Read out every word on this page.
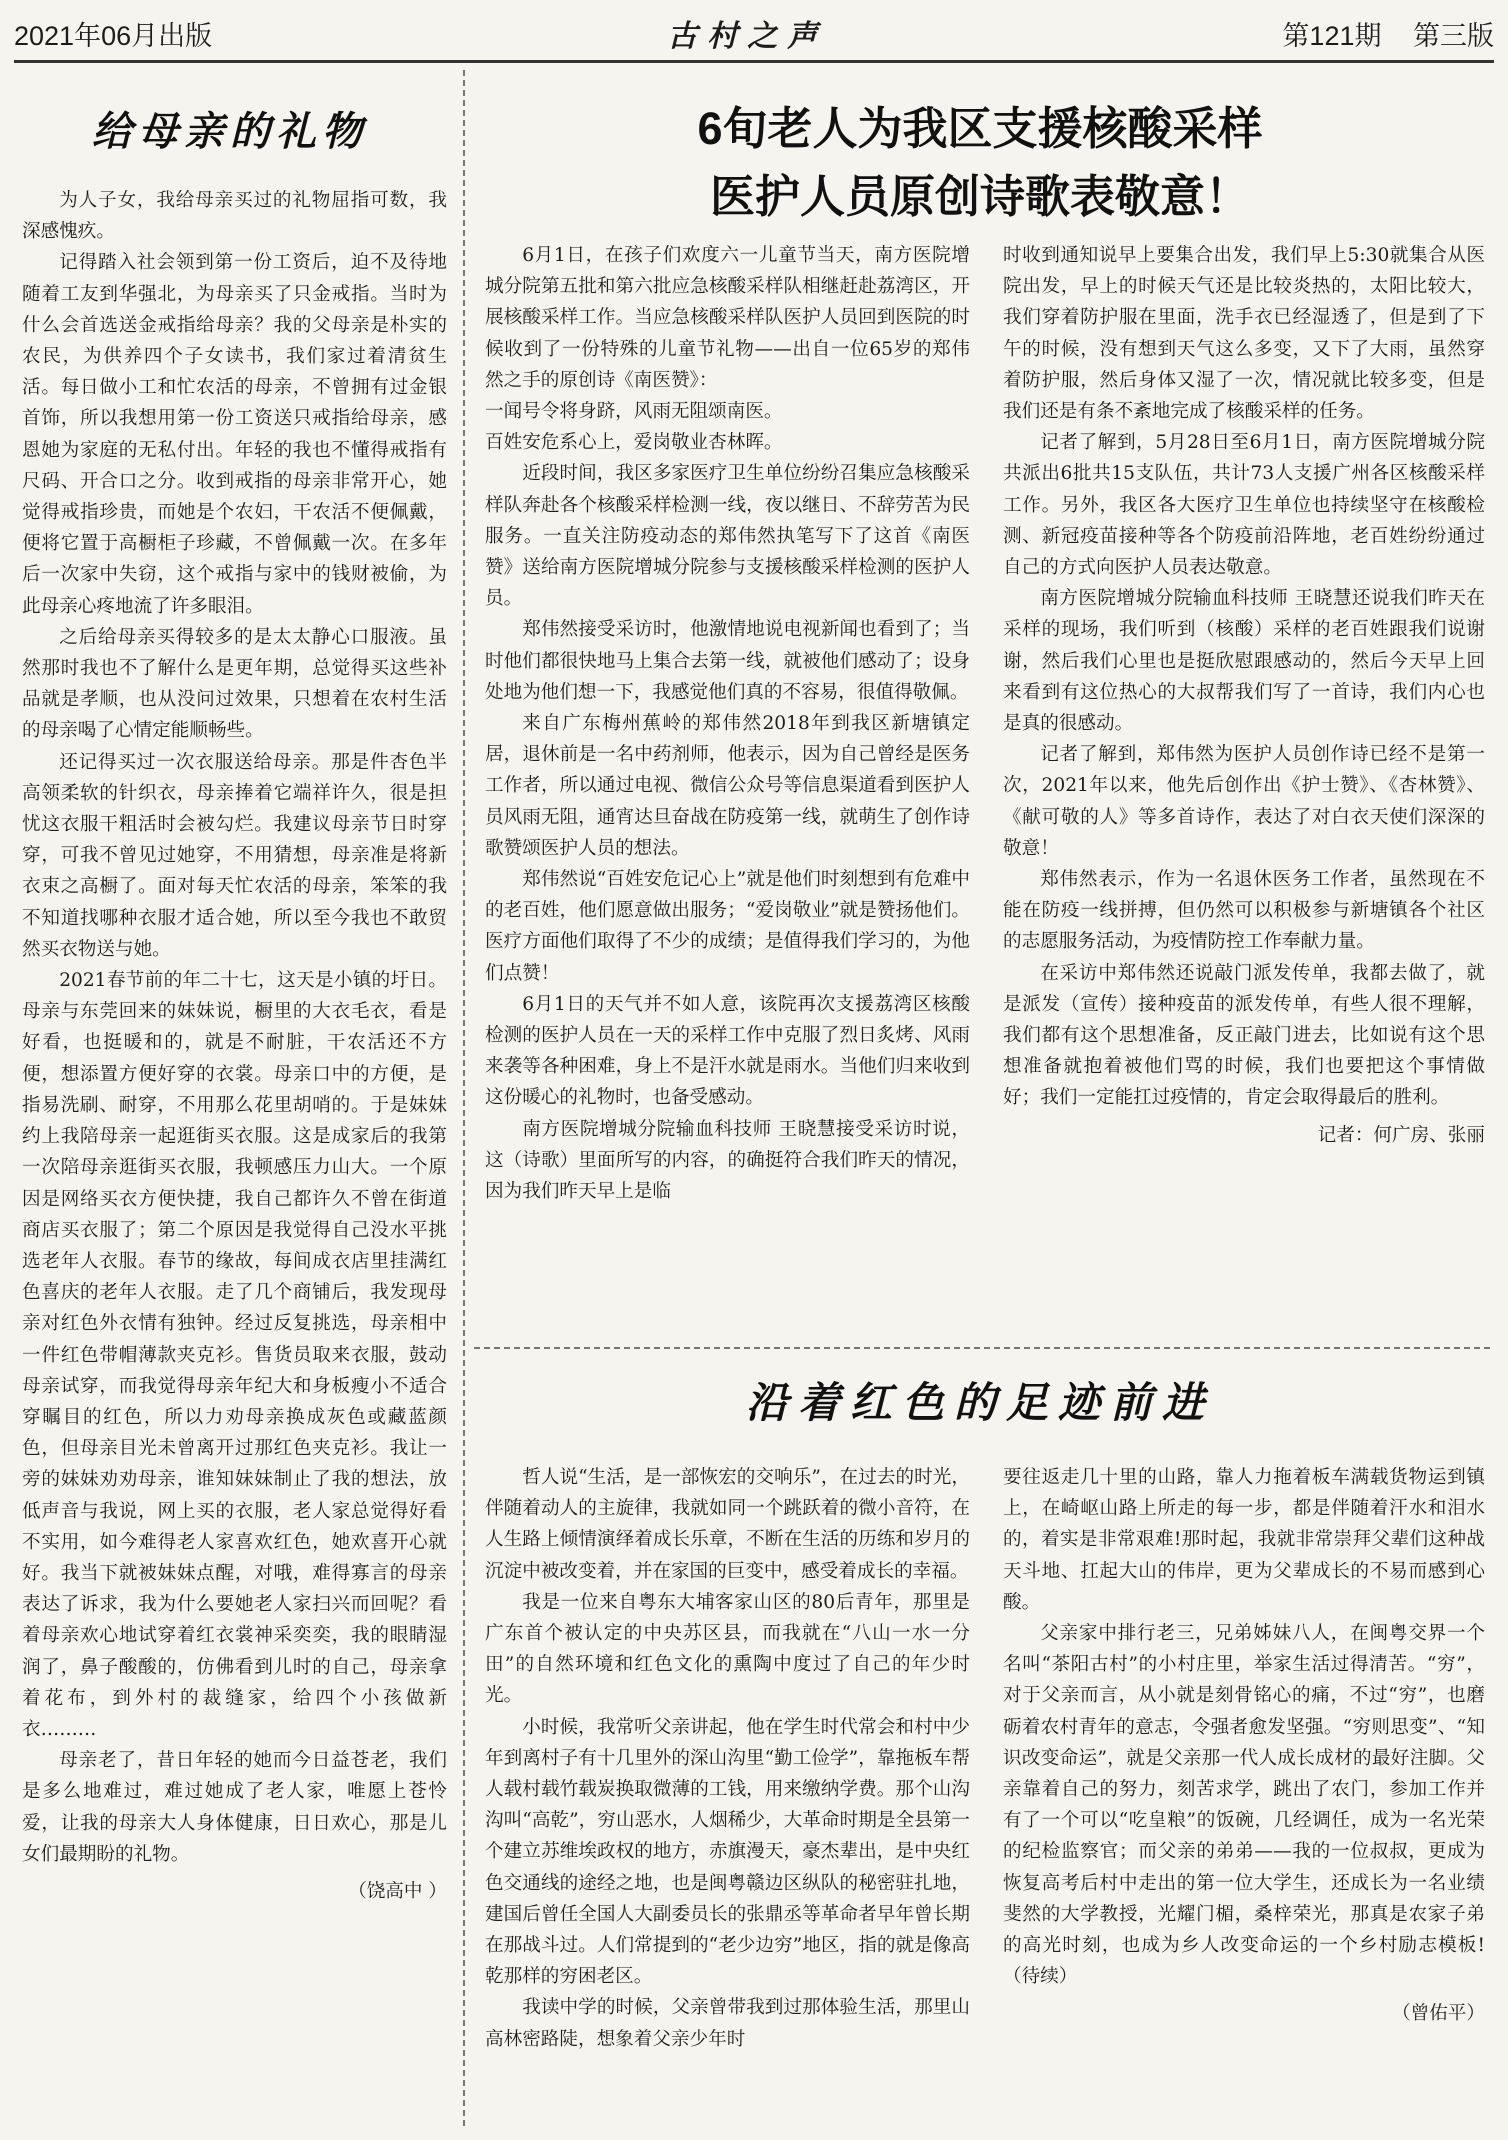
2021年06月出版	古村之声	第121期 第三版
给母亲的礼物

为人子女，我给母亲买过的礼物屈指可数，我深感愧疚。

记得踏入社会领到第一份工资后，迫不及待地随着工友到华强北，为母亲买了只金戒指。当时为什么会首选送金戒指给母亲？我的父母亲是朴实的农民，为供养四个子女读书，我们家过着清贫生活。每日做小工和忙农活的母亲，不曾拥有过金银首饰，所以我想用第一份工资送只戒指给母亲，感恩她为家庭的无私付出。年轻的我也不懂得戒指有尺码、开合口之分。收到戒指的母亲非常开心，她觉得戒指珍贵，而她是个农妇，干农活不便佩戴，便将它置于高橱柜子珍藏，不曾佩戴一次。在多年后一次家中失窃，这个戒指与家中的钱财被偷，为此母亲心疼地流了许多眼泪。

之后给母亲买得较多的是太太静心口服液。虽然那时我也不了解什么是更年期，总觉得买这些补品就是孝顺，也从没问过效果，只想着在农村生活的母亲喝了心情定能顺畅些。

还记得买过一次衣服送给母亲。那是件杏色半高领柔软的针织衣，母亲捧着它端祥许久，很是担忧这衣服干粗活时会被勾烂。我建议母亲节日时穿穿，可我不曾见过她穿，不用猜想，母亲准是将新衣束之高橱了。面对每天忙农活的母亲，笨笨的我不知道找哪种衣服才适合她，所以至今我也不敢贸然买衣物送与她。

2021春节前的年二十七，这天是小镇的圩日。母亲与东莞回来的妹妹说，橱里的大衣毛衣，看是好看，也挺暖和的，就是不耐脏，干农活还不方便，想添置方便好穿的衣裳。母亲口中的方便，是指易洗刷、耐穿，不用那么花里胡哨的。于是妹妹约上我陪母亲一起逛街买衣服。这是成家后的我第一次陪母亲逛街买衣服，我顿感压力山大。一个原因是网络买衣方便快捷，我自己都许久不曾在街道商店买衣服了；第二个原因是我觉得自己没水平挑选老年人衣服。春节的缘故，每间成衣店里挂满红色喜庆的老年人衣服。走了几个商铺后，我发现母亲对红色外衣情有独钟。经过反复挑选，母亲相中一件红色带帽薄款夹克衫。售货员取来衣服，鼓动母亲试穿，而我觉得母亲年纪大和身板瘦小不适合穿瞩目的红色，所以力劝母亲换成灰色或藏蓝颜色，但母亲目光未曾离开过那红色夹克衫。我让一旁的妹妹劝劝母亲，谁知妹妹制止了我的想法，放低声音与我说，网上买的衣服，老人家总觉得好看不实用，如今难得老人家喜欢红色，她欢喜开心就好。我当下就被妹妹点醒，对哦，难得寡言的母亲表达了诉求，我为什么要她老人家扫兴而回呢？看着母亲欢心地试穿着红衣裳神采奕奕，我的眼睛湿润了，鼻子酸酸的，仿佛看到儿时的自己，母亲拿着花布，到外村的裁缝家，给四个小孩做新衣………

母亲老了，昔日年轻的她而今日益苍老，我们是多么地难过，难过她成了老人家，唯愿上苍怜爱，让我的母亲大人身体健康，日日欢心，那是儿女们最期盼的礼物。

（饶高中 ）

6旬老人为我区支援核酸采样
医护人员原创诗歌表敬意！

6月1日，在孩子们欢度六一儿童节当天，南方医院增城分院第五批和第六批应急核酸采样队相继赶赴荔湾区，开展核酸采样工作。当应急核酸采样队医护人员回到医院的时候收到了一份特殊的儿童节礼物——出自一位65岁的郑伟然之手的原创诗《南医赞》：

一闻号令将身跻，风雨无阻颂南医。

百姓安危系心上，爱岗敬业杏林晖。

近段时间，我区多家医疗卫生单位纷纷召集应急核酸采样队奔赴各个核酸采样检测一线，夜以继日、不辞劳苦为民服务。一直关注防疫动态的郑伟然执笔写下了这首《南医赞》送给南方医院增城分院参与支援核酸采样检测的医护人员。

郑伟然接受采访时，他激情地说电视新闻也看到了；当时他们都很快地马上集合去第一线，就被他们感动了；设身处地为他们想一下，我感觉他们真的不容易，很值得敬佩。

来自广东梅州蕉岭的郑伟然2018年到我区新塘镇定居，退休前是一名中药剂师，他表示，因为自己曾经是医务工作者，所以通过电视、微信公众号等信息渠道看到医护人员风雨无阻，通宵达旦奋战在防疫第一线，就萌生了创作诗歌赞颂医护人员的想法。

郑伟然说“百姓安危记心上”就是他们时刻想到有危难中的老百姓，他们愿意做出服务；“爱岗敬业”就是赞扬他们。医疗方面他们取得了不少的成绩；是值得我们学习的，为他们点赞！

6月1日的天气并不如人意，该院再次支援荔湾区核酸检测的医护人员在一天的采样工作中克服了烈日炙烤、风雨来袭等各种困难，身上不是汗水就是雨水。当他们归来收到这份暖心的礼物时，也备受感动。

南方医院增城分院输血科技师 王晓慧接受采访时说，这（诗歌）里面所写的内容，的确挺符合我们昨天的情况，因为我们昨天早上是临

时收到通知说早上要集合出发，我们早上5:30就集合从医院出发，早上的时候天气还是比较炎热的，太阳比较大，我们穿着防护服在里面，洗手衣已经湿透了，但是到了下午的时候，没有想到天气这么多变，又下了大雨，虽然穿着防护服，然后身体又湿了一次，情况就比较多变，但是我们还是有条不紊地完成了核酸采样的任务。

记者了解到，5月28日至6月1日，南方医院增城分院共派出6批共15支队伍，共计73人支援广州各区核酸采样工作。另外，我区各大医疗卫生单位也持续坚守在核酸检测、新冠疫苗接种等各个防疫前沿阵地，老百姓纷纷通过自己的方式向医护人员表达敬意。

南方医院增城分院输血科技师 王晓慧还说我们昨天在采样的现场，我们听到（核酸）采样的老百姓跟我们说谢谢，然后我们心里也是挺欣慰跟感动的，然后今天早上回来看到有这位热心的大叔帮我们写了一首诗，我们内心也是真的很感动。

记者了解到，郑伟然为医护人员创作诗已经不是第一次，2021年以来，他先后创作出《护士赞》、《杏林赞》、《献可敬的人》等多首诗作，表达了对白衣天使们深深的敬意！

郑伟然表示，作为一名退休医务工作者，虽然现在不能在防疫一线拼搏，但仍然可以积极参与新塘镇各个社区的志愿服务活动，为疫情防控工作奉献力量。

在采访中郑伟然还说敲门派发传单，我都去做了，就是派发（宣传）接种疫苗的派发传单，有些人很不理解，我们都有这个思想准备，反正敲门进去，比如说有这个思想准备就抱着被他们骂的时候，我们也要把这个事情做好；我们一定能扛过疫情的，肯定会取得最后的胜利。

记者：何广房、张丽

沿着红色的足迹前进

哲人说“生活，是一部恢宏的交响乐”，在过去的时光，伴随着动人的主旋律，我就如同一个跳跃着的微小音符，在人生路上倾情演绎着成长乐章，不断在生活的历练和岁月的沉淀中被改变着，并在家国的巨变中，感受着成长的幸福。

我是一位来自粤东大埔客家山区的80后青年，那里是广东首个被认定的中央苏区县，而我就在“八山一水一分田”的自然环境和红色文化的熏陶中度过了自己的年少时光。

小时候，我常听父亲讲起，他在学生时代常会和村中少年到离村子有十几里外的深山沟里“勤工俭学”，靠拖板车帮人载村载竹载炭换取微薄的工钱，用来缴纳学费。那个山沟沟叫“高乾”，穷山恶水，人烟稀少，大革命时期是全县第一个建立苏维埃政权的地方，赤旗漫天，豪杰辈出，是中央红色交通线的途经之地，也是闽粤赣边区纵队的秘密驻扎地，建国后曾任全国人大副委员长的张鼎丞等革命者早年曾长期在那战斗过。人们常提到的“老少边穷”地区，指的就是像高乾那样的穷困老区。

我读中学的时候，父亲曾带我到过那体验生活，那里山高林密路陡，想象着父亲少年时

要往返走几十里的山路，靠人力拖着板车满载货物运到镇上，在崎岖山路上所走的每一步，都是伴随着汗水和泪水的，着实是非常艰难!那时起，我就非常崇拜父辈们这种战天斗地、扛起大山的伟岸，更为父辈成长的不易而感到心酸。

父亲家中排行老三，兄弟姊妹八人，在闽粤交界一个名叫“茶阳古村”的小村庄里，举家生活过得清苦。“穷”，对于父亲而言，从小就是刻骨铭心的痛，不过“穷”，也磨砺着农村青年的意志，令强者愈发坚强。“穷则思变”、“知识改变命运”，就是父亲那一代人成长成材的最好注脚。父亲靠着自己的努力，刻苦求学，跳出了农门，参加工作并有了一个可以“吃皇粮”的饭碗，几经调任，成为一名光荣的纪检监察官；而父亲的弟弟——我的一位叔叔，更成为恢复高考后村中走出的第一位大学生，还成长为一名业绩斐然的大学教授，光耀门楣，桑梓荣光，那真是农家子弟的高光时刻，也成为乡人改变命运的一个乡村励志模板!（待续）

（曾佑平）
